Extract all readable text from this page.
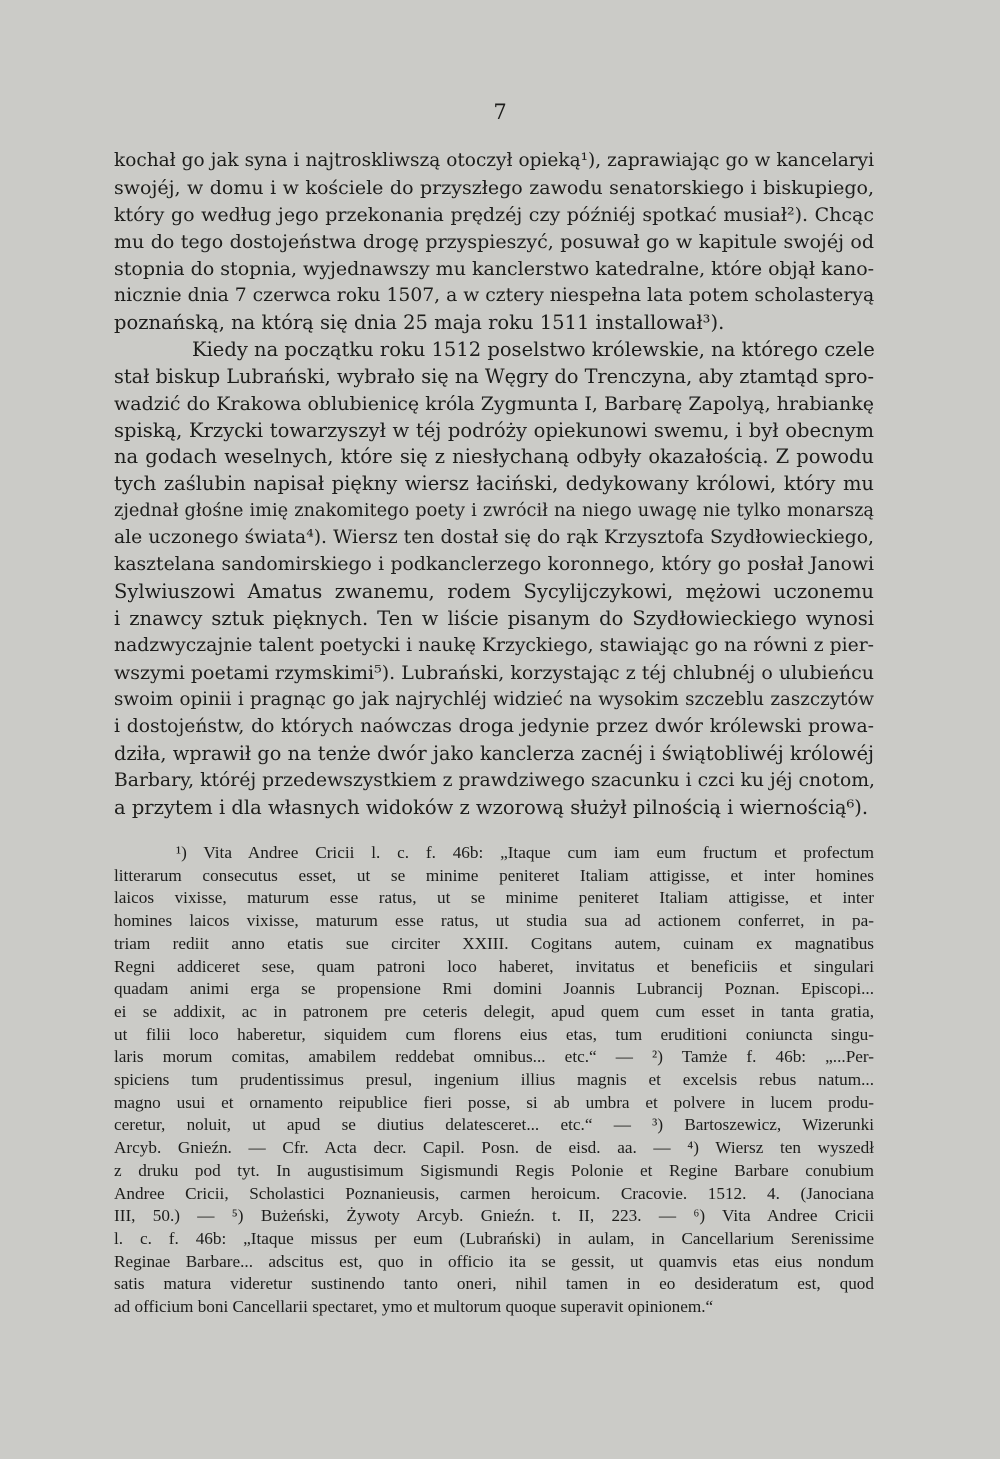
7
kochał go jak syna i najtroskliwszą otoczył opieką¹), zaprawiając go w kancelaryi
swojéj, w domu i w kościele do przyszłego zawodu senatorskiego i biskupiego,
który go według jego przekonania prędzéj czy późniéj spotkać musiał²). Chcąc
mu do tego dostojeństwa drogę przyspieszyć, posuwał go w kapitule swojéj od
stopnia do stopnia, wyjednawszy mu kanclerstwo katedralne, które objął kano-
nicznie dnia 7 czerwca roku 1507, a w cztery niespełna lata potem scholasteryą
poznańską, na którą się dnia 25 maja roku 1511 installował³).
Kiedy na początku roku 1512 poselstwo królewskie, na którego czele
stał biskup Lubrański, wybrało się na Węgry do Trenczyna, aby ztamtąd spro-
wadzić do Krakowa oblubienicę króla Zygmunta I, Barbarę Zapolyą, hrabiankę
spiską, Krzycki towarzyszył w téj podróży opiekunowi swemu, i był obecnym
na godach weselnych, które się z niesłychaną odbyły okazałością. Z powodu
tych zaślubin napisał piękny wiersz łaciński, dedykowany królowi, który mu
zjednał głośne imię znakomitego poety i zwrócił na niego uwagę nie tylko monarszą
ale uczonego świata⁴). Wiersz ten dostał się do rąk Krzysztofa Szydłowieckiego,
kasztelana sandomirskiego i podkanclerzego koronnego, który go posłał Janowi
Sylwiuszowi Amatus zwanemu, rodem Sycylijczykowi, mężowi uczonemu
i znawcy sztuk pięknych. Ten w liście pisanym do Szydłowieckiego wynosi
nadzwyczajnie talent poetycki i naukę Krzyckiego, stawiając go na równi z pier-
wszymi poetami rzymskimi⁵). Lubrański, korzystając z téj chlubnéj o ulubieńcu
swoim opinii i pragnąc go jak najrychléj widzieć na wysokim szczeblu zaszczytów
i dostojeństw, do których naówczas droga jedynie przez dwór królewski prowa-
dziła, wprawił go na tenże dwór jako kanclerza zacnéj i świątobliwéj królowéj
Barbary, któréj przedewszystkiem z prawdziwego szacunku i czci ku jéj cnotom,
a przytem i dla własnych widoków z wzorową służył pilnością i wiernością⁶).
¹) Vita Andree Cricii l. c. f. 46b: „Itaque cum iam eum fructum et profectum
litterarum consecutus esset, ut se minime peniteret Italiam attigisse, et inter homines
laicos vixisse, maturum esse ratus, ut se minime peniteret Italiam attigisse, et inter
homines laicos vixisse, maturum esse ratus, ut studia sua ad actionem conferret, in pa-
triam rediit anno etatis sue circiter XXIII. Cogitans autem, cuinam ex magnatibus
Regni addiceret sese, quam patroni loco haberet, invitatus et beneficiis et singulari
quadam animi erga se propensione Rmi domini Joannis Lubrancij Poznan. Episcopi...
ei se addixit, ac in patronem pre ceteris delegit, apud quem cum esset in tanta gratia,
ut filii loco haberetur, siquidem cum florens eius etas, tum eruditioni coniuncta singu-
laris morum comitas, amabilem reddebat omnibus... etc.“ — ²) Tamże f. 46b: „...Per-
spiciens tum prudentissimus presul, ingenium illius magnis et excelsis rebus natum...
magno usui et ornamento reipublice fieri posse, si ab umbra et polvere in lucem produ-
ceretur, noluit, ut apud se diutius delatesceret... etc.“ — ³) Bartoszewicz, Wizerunki
Arcyb. Gnieźn. — Cfr. Acta decr. Capil. Posn. de eisd. aa. — ⁴) Wiersz ten wyszedł
z druku pod tyt. In augustisimum Sigismundi Regis Polonie et Regine Barbare conubium
Andree Cricii, Scholastici Poznanieusis, carmen heroicum. Cracovie. 1512. 4. (Janociana
III, 50.) — ⁵) Bużeński, Żywoty Arcyb. Gnieźn. t. II, 223. — ⁶) Vita Andree Cricii
l. c. f. 46b: „Itaque missus per eum (Lubrański) in aulam, in Cancellarium Serenissime
Reginae Barbare... adscitus est, quo in officio ita se gessit, ut quamvis etas eius nondum
satis matura videretur sustinendo tanto oneri, nihil tamen in eo desideratum est, quod
ad officium boni Cancellarii spectaret, ymo et multorum quoque superavit opinionem.“
